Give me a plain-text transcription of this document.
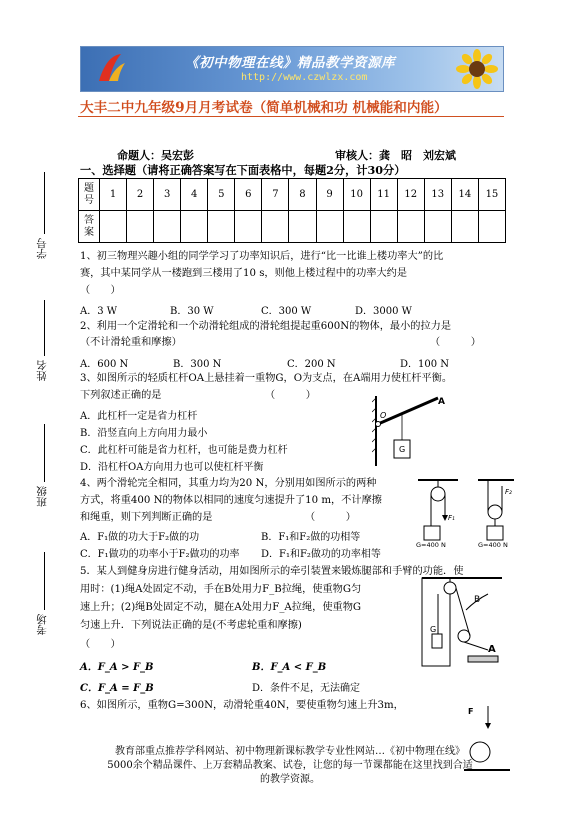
《初中物理在线》精品教学资源库
http://www.czwlzx.com
大丰二中九年级9月月考试卷（简单机械和功 机械能和内能）
命题人：吴宏彭	审核人：龚　昭　刘宏斌
一、选择题（请将正确答案写在下面表格中，每题2分，计30分）
题号	1	2	3	4	5	6	7	8	9	10	11	12	13	14	15
答案															
学号
姓名
班级
考场
1、初三物理兴趣小组的同学学习了功率知识后，进行“比一比谁上楼功率大”的比
赛，其中某同学从一楼跑到三楼用了10 s，则他上楼过程中的功率大约是
（　　）
A．3 W	B．30 W	C．300 W	D．3000 W
2、利用一个定滑轮和一个动滑轮组成的滑轮组提起重600N的物体，最小的拉力是
（不计滑轮重和摩擦）	（　　　）
A．600 N	B．300 N	C．200 N	D．100 N
3、如图所示的轻质杠杆OA上悬挂着一重物G，O为支点，在A端用力使杠杆平衡。
下列叙述正确的是	（　　　）
A．此杠杆一定是省力杠杆
B．沿竖直向上方向用力最小
C．此杠杆可能是省力杠杆，也可能是费力杠杆
D．沿杠杆OA方向用力也可以使杠杆平衡
G
O
A
4、两个滑轮完全相同，其重力均为20 N，分别用如图所示的两种
方式，将重400 N的物体以相同的速度匀速提升了10 m，不计摩擦
和绳重，则下列判断正确的是	（　　　）
A．F₁做的功大于F₂做的功	B．F₁和F₂做的功相等
C．F₁做功的功率小于F₂做功的功率 D．F₁和F₂做功的功率相等
F₁
G=400 N
F₂
G=400 N
5．某人到健身房进行健身活动，用如图所示的牵引装置来锻炼腿部和手臂的功能．使
用时：(1)绳A处固定不动，手在B处用力F_B拉绳，使重物G匀
速上升；(2)绳B处固定不动，腿在A处用力F_A拉绳，使重物G
匀速上升．下列说法正确的是(不考虑轮重和摩擦)
（　　）
A．F_A > F_B	B．F_A < F_B
C．F_A = F_B	D．条件不足，无法确定
B
G
A
6、如图所示，重物G=300N，动滑轮重40N，要使重物匀速上升3m，
F
教育部重点推荐学科网站、初中物理新课标教学专业性网站…《初中物理在线》
5000余个精品课件、上万套精品教案、试卷，让您的每一节课都能在这里找到合适
的教学资源。
